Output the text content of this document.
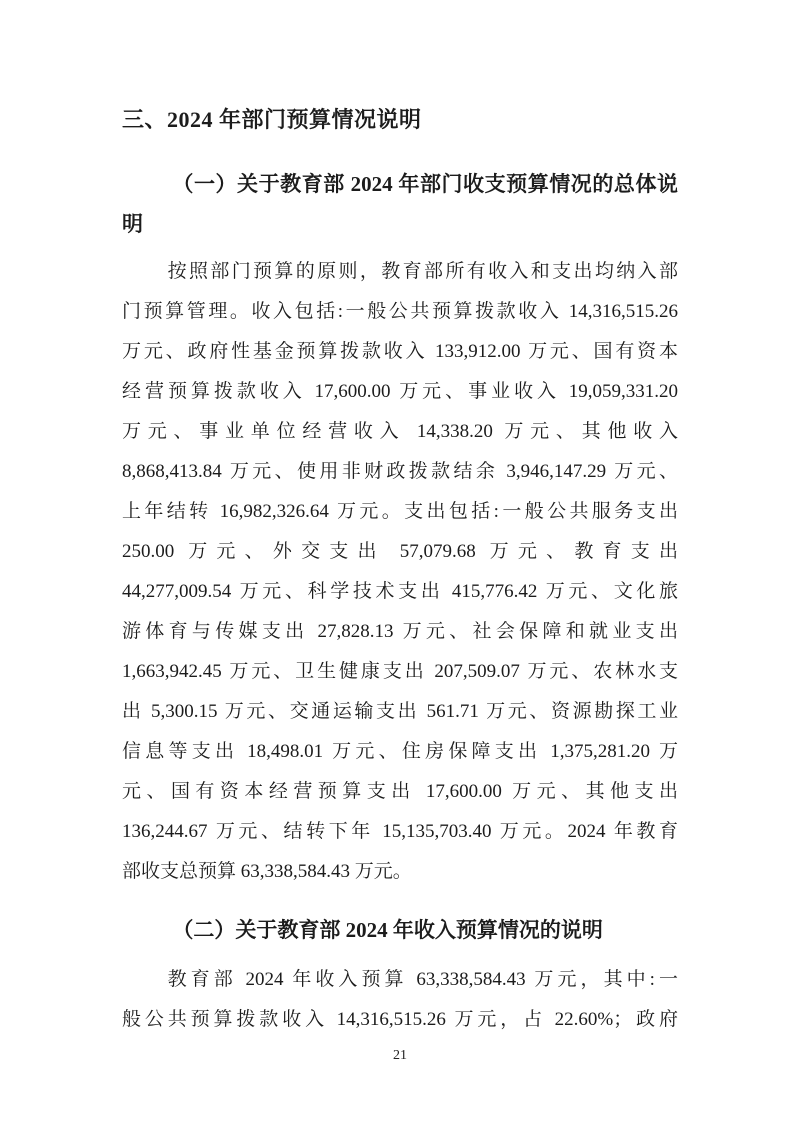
三、2024 年部门预算情况说明
（一）关于教育部 2024 年部门收支预算情况的总体说
明
按照部门预算的原则，教育部所有收入和支出均纳入部
门预算管理。收入包括:一般公共预算拨款收入 14,316,515.26
万元、政府性基金预算拨款收入 133,912.00 万元、国有资本
经营预算拨款收入 17,600.00 万元、事业收入 19,059,331.20
万元、事业单位经营收入 14,338.20 万元、其他收入
8,868,413.84 万元、使用非财政拨款结余 3,946,147.29 万元、
上年结转 16,982,326.64 万元。支出包括:一般公共服务支出
250.00 万元、外交支出 57,079.68 万元、教育支出
44,277,009.54 万元、科学技术支出 415,776.42 万元、文化旅
游体育与传媒支出 27,828.13 万元、社会保障和就业支出
1,663,942.45 万元、卫生健康支出 207,509.07 万元、农林水支
出 5,300.15 万元、交通运输支出 561.71 万元、资源勘探工业
信息等支出 18,498.01 万元、住房保障支出 1,375,281.20 万
元、国有资本经营预算支出 17,600.00 万元、其他支出
136,244.67 万元、结转下年 15,135,703.40 万元。2024 年教育
部收支总预算 63,338,584.43 万元。
（二）关于教育部 2024 年收入预算情况的说明
教育部 2024 年收入预算 63,338,584.43 万元，其中:一
般公共预算拨款收入 14,316,515.26 万元，占 22.60%；政府
21
